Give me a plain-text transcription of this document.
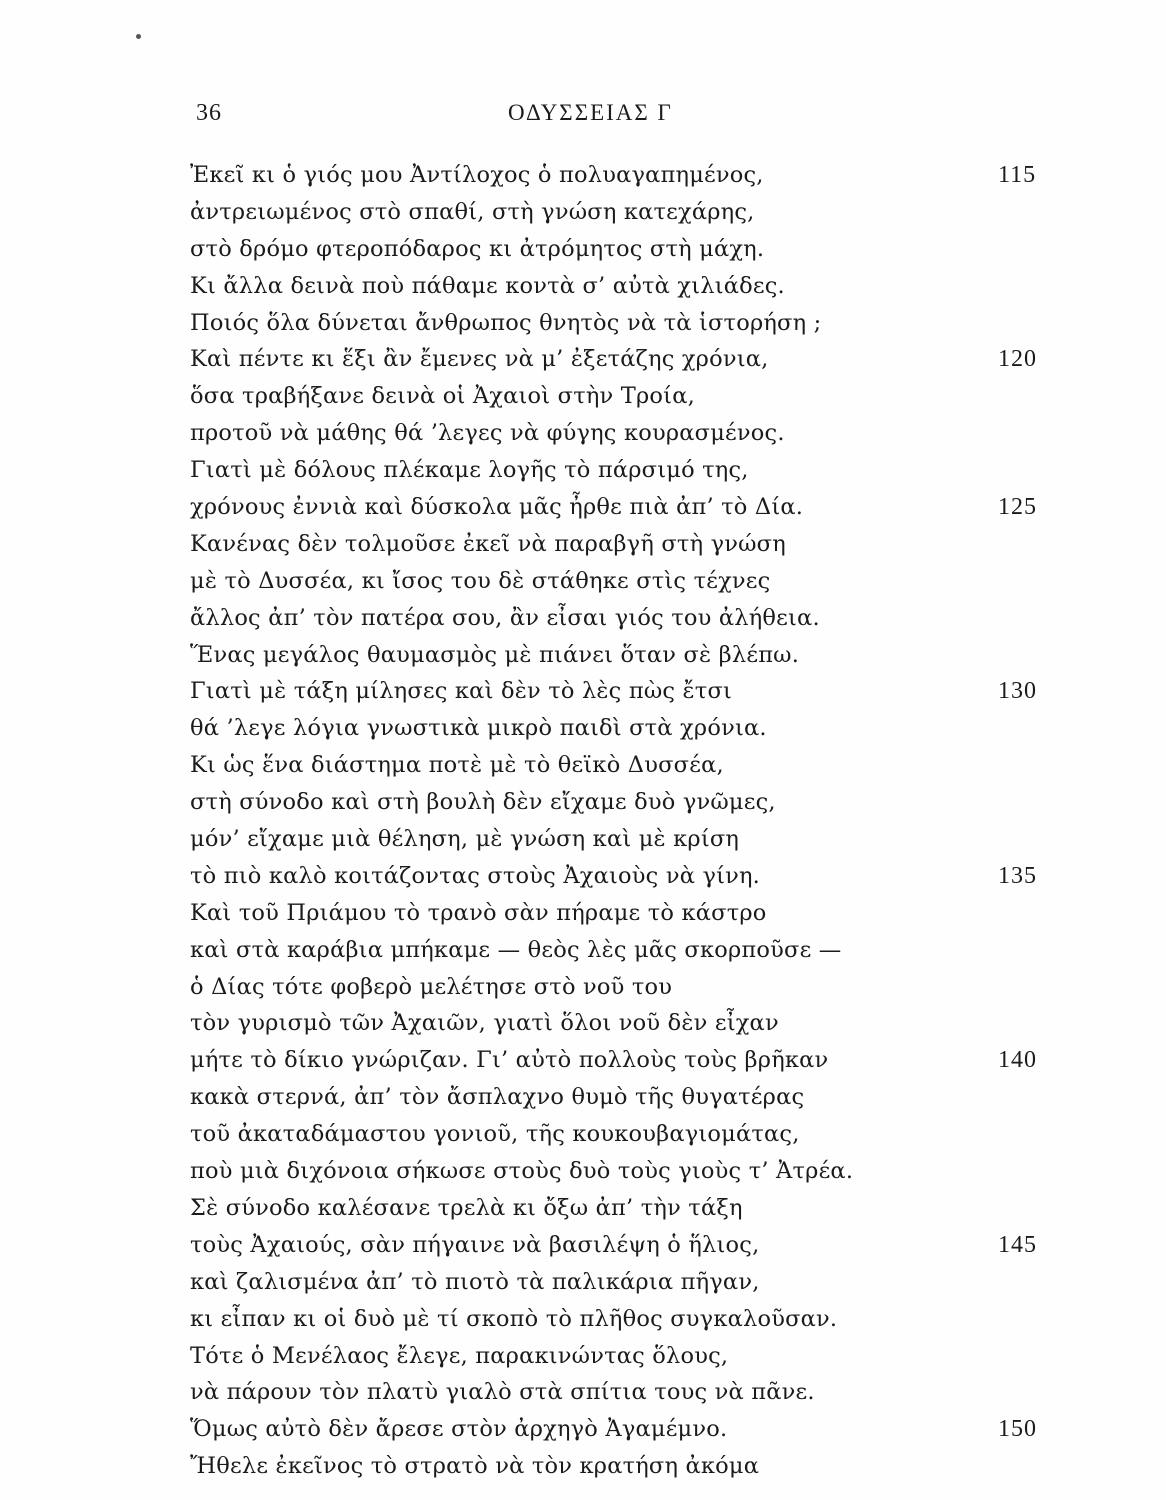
36	ΟΔΥΣΣΕΙΑΣ Γ
Ἐκεῖ κι ὁ γιός μου Ἀντίλοχος ὁ πολυαγαπημένος,	115
ἀντρειωμένος στὸ σπαθί, στὴ γνώση κατεχάρης,
στὸ δρόμο φτεροπόδαρος κι ἀτρόμητος στὴ μάχη.
Κι ἄλλα δεινὰ ποὺ πάθαμε κοντὰ σ’ αὐτὰ χιλιάδες.
Ποιός ὅλα δύνεται ἄνθρωπος θνητὸς νὰ τὰ ἱστορήση ;
Καὶ πέντε κι ἕξι ἂν ἔμενες νὰ μ’ ἐξετάζης χρόνια,	120
ὅσα τραβήξανε δεινὰ οἱ Ἀχαιοὶ στὴν Τροία,
προτοῦ νὰ μάθης θά ’λεγες νὰ φύγης κουρασμένος.
Γιατὶ μὲ δόλους πλέκαμε λογῆς τὸ πάρσιμό της,
χρόνους ἐννιὰ καὶ δύσκολα μᾶς ἦρθε πιὰ ἀπ’ τὸ Δία.	125
Κανένας δὲν τολμοῦσε ἐκεῖ νὰ παραβγῆ στὴ γνώση
μὲ τὸ Δυσσέα, κι ἴσος του δὲ στάθηκε στὶς τέχνες
ἄλλος ἀπ’ τὸν πατέρα σου, ἂν εἶσαι γιός του ἀλήθεια.
Ἕνας μεγάλος θαυμασμὸς μὲ πιάνει ὅταν σὲ βλέπω.
Γιατὶ μὲ τάξη μίλησες καὶ δὲν τὸ λὲς πὼς ἔτσι	130
θά ’λεγε λόγια γνωστικὰ μικρὸ παιδὶ στὰ χρόνια.
Κι ὡς ἕνα διάστημα ποτὲ μὲ τὸ θεϊκὸ Δυσσέα,
στὴ σύνοδο καὶ στὴ βουλὴ δὲν εἴχαμε δυὸ γνῶμες,
μόν’ εἴχαμε μιὰ θέληση, μὲ γνώση καὶ μὲ κρίση
τὸ πιὸ καλὸ κοιτάζοντας στοὺς Ἀχαιοὺς νὰ γίνη.	135
Καὶ τοῦ Πριάμου τὸ τρανὸ σὰν πήραμε τὸ κάστρο
καὶ στὰ καράβια μπήκαμε — θεὸς λὲς μᾶς σκορποῦσε —
ὁ Δίας τότε φοβερὸ μελέτησε στὸ νοῦ του
τὸν γυρισμὸ τῶν Ἀχαιῶν, γιατὶ ὅλοι νοῦ δὲν εἶχαν
μήτε τὸ δίκιο γνώριζαν. Γι’ αὐτὸ πολλοὺς τοὺς βρῆκαν	140
κακὰ στερνά, ἀπ’ τὸν ἄσπλαχνο θυμὸ τῆς θυγατέρας
τοῦ ἀκαταδάμαστου γονιοῦ, τῆς κουκουβαγιομάτας,
ποὺ μιὰ διχόνοια σήκωσε στοὺς δυὸ τοὺς γιοὺς τ’ Ἀτρέα.
Σὲ σύνοδο καλέσανε τρελὰ κι ὄξω ἀπ’ τὴν τάξη
τοὺς Ἀχαιούς, σὰν πήγαινε νὰ βασιλέψη ὁ ἥλιος,	145
καὶ ζαλισμένα ἀπ’ τὸ πιοτὸ τὰ παλικάρια πῆγαν,
κι εἶπαν κι οἱ δυὸ μὲ τί σκοπὸ τὸ πλῆθος συγκαλοῦσαν.
Τότε ὁ Μενέλαος ἔλεγε, παρακινώντας ὅλους,
νὰ πάρουν τὸν πλατὺ γιαλὸ στὰ σπίτια τους νὰ πᾶνε.
Ὅμως αὐτὸ δὲν ἄρεσε στὸν ἀρχηγὸ Ἀγαμέμνο.	150
Ἤθελε ἐκεῖνος τὸ στρατὸ νὰ τὸν κρατήση ἀκόμα
